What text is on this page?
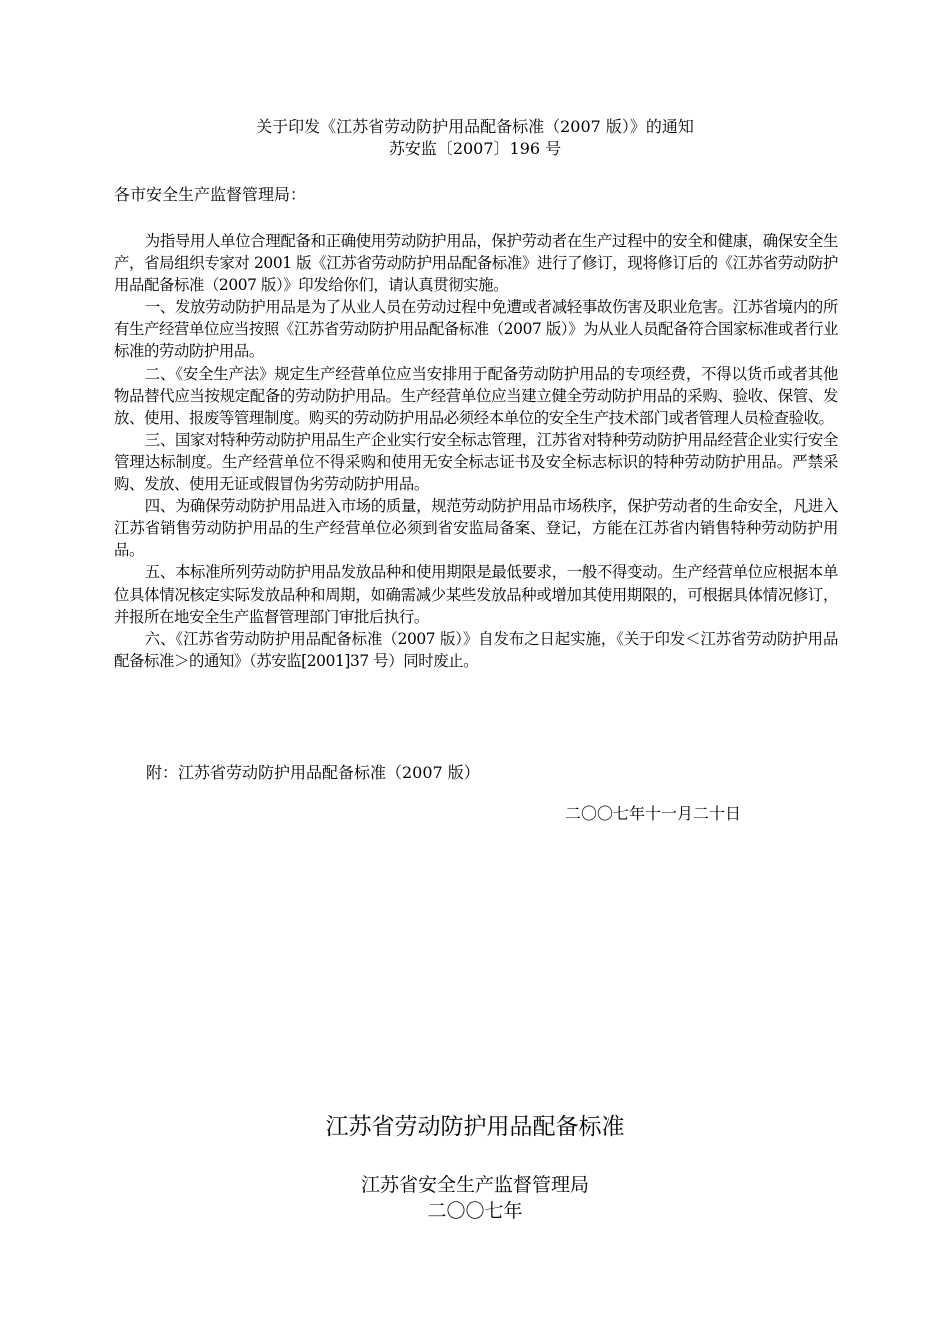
关于印发《江苏省劳动防护用品配备标准（2007 版）》的通知
苏安监〔2007〕196 号
各市安全生产监督管理局：

为指导用人单位合理配备和正确使用劳动防护用品，保护劳动者在生产过程中的安全和健康，确保安全生产，省局组织专家对 2001 版《江苏省劳动防护用品配备标准》进行了修订，现将修订后的《江苏省劳动防护用品配备标准（2007 版）》印发给你们，请认真贯彻实施。

一、发放劳动防护用品是为了从业人员在劳动过程中免遭或者减轻事故伤害及职业危害。江苏省境内的所有生产经营单位应当按照《江苏省劳动防护用品配备标准（2007 版）》为从业人员配备符合国家标准或者行业标准的劳动防护用品。

二、《安全生产法》规定生产经营单位应当安排用于配备劳动防护用品的专项经费，不得以货币或者其他物品替代应当按规定配备的劳动防护用品。生产经营单位应当建立健全劳动防护用品的采购、验收、保管、发放、使用、报废等管理制度。购买的劳动防护用品必须经本单位的安全生产技术部门或者管理人员检查验收。

三、国家对特种劳动防护用品生产企业实行安全标志管理，江苏省对特种劳动防护用品经营企业实行安全管理达标制度。生产经营单位不得采购和使用无安全标志证书及安全标志标识的特种劳动防护用品。严禁采购、发放、使用无证或假冒伪劣劳动防护用品。

四、为确保劳动防护用品进入市场的质量，规范劳动防护用品市场秩序，保护劳动者的生命安全，凡进入江苏省销售劳动防护用品的生产经营单位必须到省安监局备案、登记，方能在江苏省内销售特种劳动防护用品。

五、本标准所列劳动防护用品发放品种和使用期限是最低要求，一般不得变动。生产经营单位应根据本单位具体情况核定实际发放品种和周期，如确需减少某些发放品种或增加其使用期限的，可根据具体情况修订，并报所在地安全生产监督管理部门审批后执行。

六、《江苏省劳动防护用品配备标准（2007 版）》自发布之日起实施，《关于印发＜江苏省劳动防护用品配备标准＞的通知》（苏安监[2001]37 号）同时废止。

附：江苏省劳动防护用品配备标准（2007 版）
二〇〇七年十一月二十日
江苏省劳动防护用品配备标准
江苏省安全生产监督管理局
二〇〇七年
